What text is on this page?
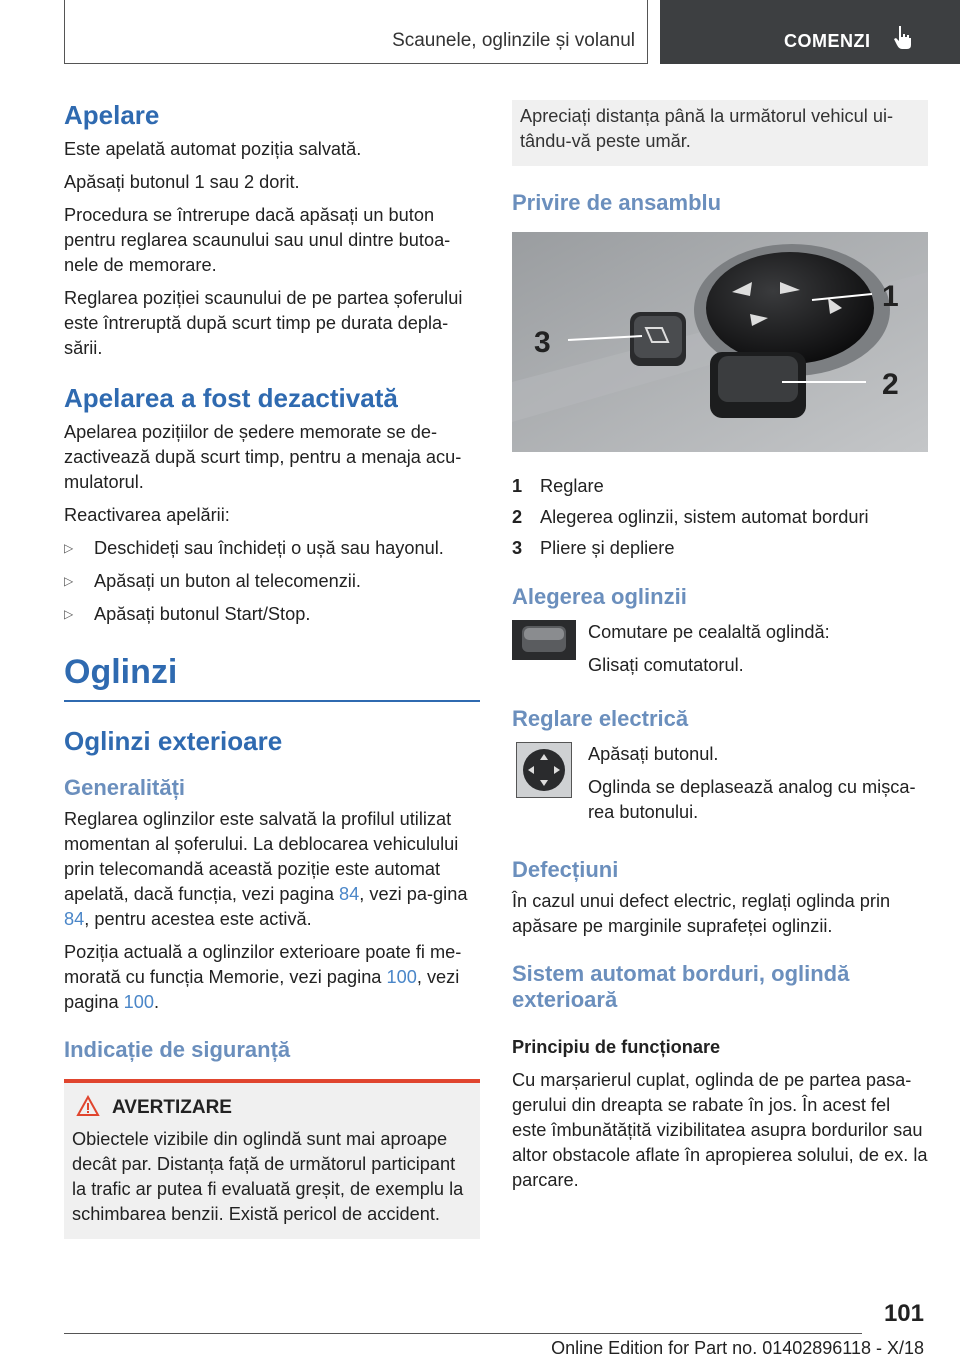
Scaunele, oglinzile și volanul	COMENZI
Apelare

Este apelată automat poziția salvată.

Apăsați butonul 1 sau 2 dorit.

Procedura se întrerupe dacă apăsați un buton pentru reglarea scaunului sau unul dintre butoa‐nele de memorare.

Reglarea poziției scaunului de pe partea șoferului este întreruptă după scurt timp pe durata depla‐sării.

Apelarea a fost dezactivată

Apelarea pozițiilor de ședere memorate se de‐zactivează după scurt timp, pentru a menaja acu‐mulatorul.

Reactivarea apelării:

▷ Deschideți sau închideți o ușă sau hayonul.
▷ Apăsați un buton al telecomenzii.
▷ Apăsați butonul Start/Stop.
Oglinzi
Oglinzi exterioare
Generalități

Reglarea oglinzilor este salvată la profilul utilizat momentan al șoferului. La deblocarea vehiculului prin telecomandă această poziție este automat apelată, dacă funcția, vezi pagina 84, vezi pa‐gina 84, pentru acestea este activă.

Poziția actuală a oglinzilor exterioare poate fi me‐morată cu funcția Memorie, vezi pagina 100, vezi pagina 100.

Indicație de siguranță
AVERTIZARE

Obiectele vizibile din oglindă sunt mai aproape decât par. Distanța față de următorul participant la trafic ar putea fi evaluată greșit, de exemplu la schimbarea benzii. Există pericol de accident.

Apreciați distanța până la următorul vehicul ui‐tându-vă peste umăr.

Privire de ansamblu
1
2
3
1 Reglare
2 Alegerea oglinzii, sistem automat borduri
3 Pliere și depliere
Alegerea oglinzii

Comutare pe cealaltă oglindă:

Glisați comutatorul.

Reglare electrică

Apăsați butonul.

Oglinda se deplasează analog cu mișca‐rea butonului.

Defecțiuni

În cazul unui defect electric, reglați oglinda prin apăsare pe marginile suprafeței oglinzii.

Sistem automat borduri, oglindă exterioară

Principiu de funcționare

Cu marșarierul cuplat, oglinda de pe partea pasa‐gerului din dreapta se rabate în jos. În acest fel este îmbunătățită vizibilitatea asupra bordurilor sau altor obstacole aflate în apropierea solului, de ex. la parcare.

101
Online Edition for Part no. 01402896118 - X/18
